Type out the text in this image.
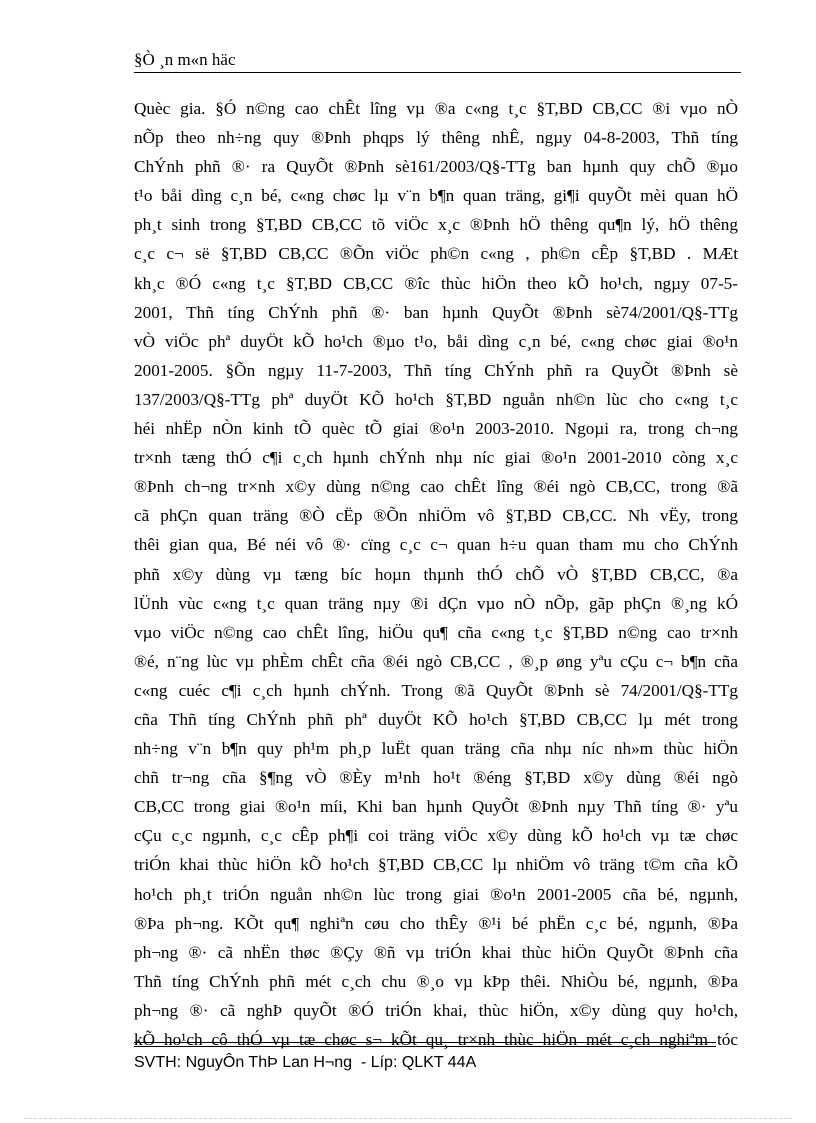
§Ò ¸n m«n häc
Quèc gia. §Ó n©ng cao chÊt lîng vµ ®a c«ng t¸c §T,BD CB,CC ®i vµo nÒ
nÕp theo nh÷ng quy ®Þnh phqps lý thêng nhÊ, ngµy 04-8-2003, Thñ tíng
ChÝnh phñ ®· ra QuyÕt ®Þnh sè161/2003/Q§-TTg ban hµnh quy chÕ ®µo
t¹o båi dìng c¸n bé, c«ng chøc lµ v¨n b¶n quan träng, gi¶i quyÕt mèi quan hÖ
ph¸t sinh trong §T,BD CB,CC tõ viÖc x¸c ®Þnh hÖ thêng qu¶n lý, hÖ thêng
c¸c c¬ së §T,BD CB,CC ®Õn viÖc ph©n c«ng , ph©n cÊp §T,BD . MÆt
kh¸c ®Ó c«ng t¸c §T,BD CB,CC ®îc thùc hiÖn theo kÕ ho¹ch, ngµy 07-5-
2001, Thñ tíng ChÝnh phñ ®· ban hµnh QuyÕt ®Þnh sè74/2001/Q§-TTg
vÒ viÖc phª duyÖt kÕ ho¹ch ®µo t¹o, båi dìng c¸n bé, c«ng chøc giai ®o¹n
2001-2005. §Õn ngµy 11-7-2003, Thñ tíng ChÝnh phñ ra QuyÕt ®Þnh sè
137/2003/Q§-TTg phª duyÖt KÕ ho¹ch §T,BD nguån nh©n lùc cho c«ng t¸c
héi nhËp nÒn kinh tÕ quèc tÕ giai ®o¹n 2003-2010. Ngoµi ra, trong ch¬ng
tr×nh tæng thÓ c¶i c¸ch hµnh chÝnh nhµ níc giai ®o¹n 2001-2010 còng x¸c
®Þnh ch¬ng tr×nh x©y dùng n©ng cao chÊt lîng ®éi ngò CB,CC, trong ®ã
cã phÇn quan träng ®Ò cËp ®Õn nhiÖm vô §T,BD CB,CC. Nh vËy, trong
thêi gian qua, Bé néi vô ®· cïng c¸c c¬ quan h÷u quan tham mu cho ChÝnh
phñ x©y dùng vµ tæng bíc hoµn thµnh thÓ chÕ vÒ §T,BD CB,CC, ®a
lÜnh vùc c«ng t¸c quan träng nµy ®i dÇn vµo nÒ nÕp, gãp phÇn ®¸ng kÓ
vµo viÖc n©ng cao chÊt lîng, hiÖu qu¶ cña c«ng t¸c §T,BD n©ng cao tr×nh
®é, n¨ng lùc vµ phÈm chÊt cña ®éi ngò CB,CC , ®¸p øng yªu cÇu c¬ b¶n cña
c«ng cuéc c¶i c¸ch hµnh chÝnh. Trong ®ã QuyÕt ®Þnh sè 74/2001/Q§-TTg
cña Thñ tíng ChÝnh phñ phª duyÖt KÕ ho¹ch §T,BD CB,CC lµ mét trong
nh÷ng v¨n b¶n quy ph¹m ph¸p luËt quan träng cña nhµ níc nh»m thùc hiÖn
chñ tr¬ng cña §¶ng vÒ ®Èy m¹nh ho¹t ®éng §T,BD x©y dùng ®éi ngò
CB,CC trong giai ®o¹n míi, Khi ban hµnh QuyÕt ®Þnh nµy Thñ tíng ®· yªu
cÇu c¸c ngµnh, c¸c cÊp ph¶i coi träng viÖc x©y dùng kÕ ho¹ch vµ tæ chøc
triÓn khai thùc hiÖn kÕ ho¹ch §T,BD CB,CC lµ nhiÖm vô träng t©m cña kÕ
ho¹ch ph¸t triÓn nguån nh©n lùc trong giai ®o¹n 2001-2005 cña bé, ngµnh,
®Þa ph¬ng. KÕt qu¶ nghiªn cøu cho thÊy ®¹i bé phËn c¸c bé, ngµnh, ®Þa
ph¬ng ®· cã nhËn thøc ®Çy ®ñ vµ triÓn khai thùc hiÖn QuyÕt ®Þnh cña
Thñ tíng ChÝnh phñ mét c¸ch chu ®¸o vµ kÞp thêi. NhiÒu bé, ngµnh, ®Þa
ph¬ng ®· cã nghÞ quyÕt ®Ó triÓn khai, thùc hiÖn, x©y dùng quy ho¹ch,
kÕ ho¹ch cô thÓ vµ tæ chøc s¬ kÕt qu¸ tr×nh thùc hiÖn mét c¸ch nghiªm tóc
SVTH: NguyÔn ThÞ Lan H¬ng  - Líp: QLKT 44A
